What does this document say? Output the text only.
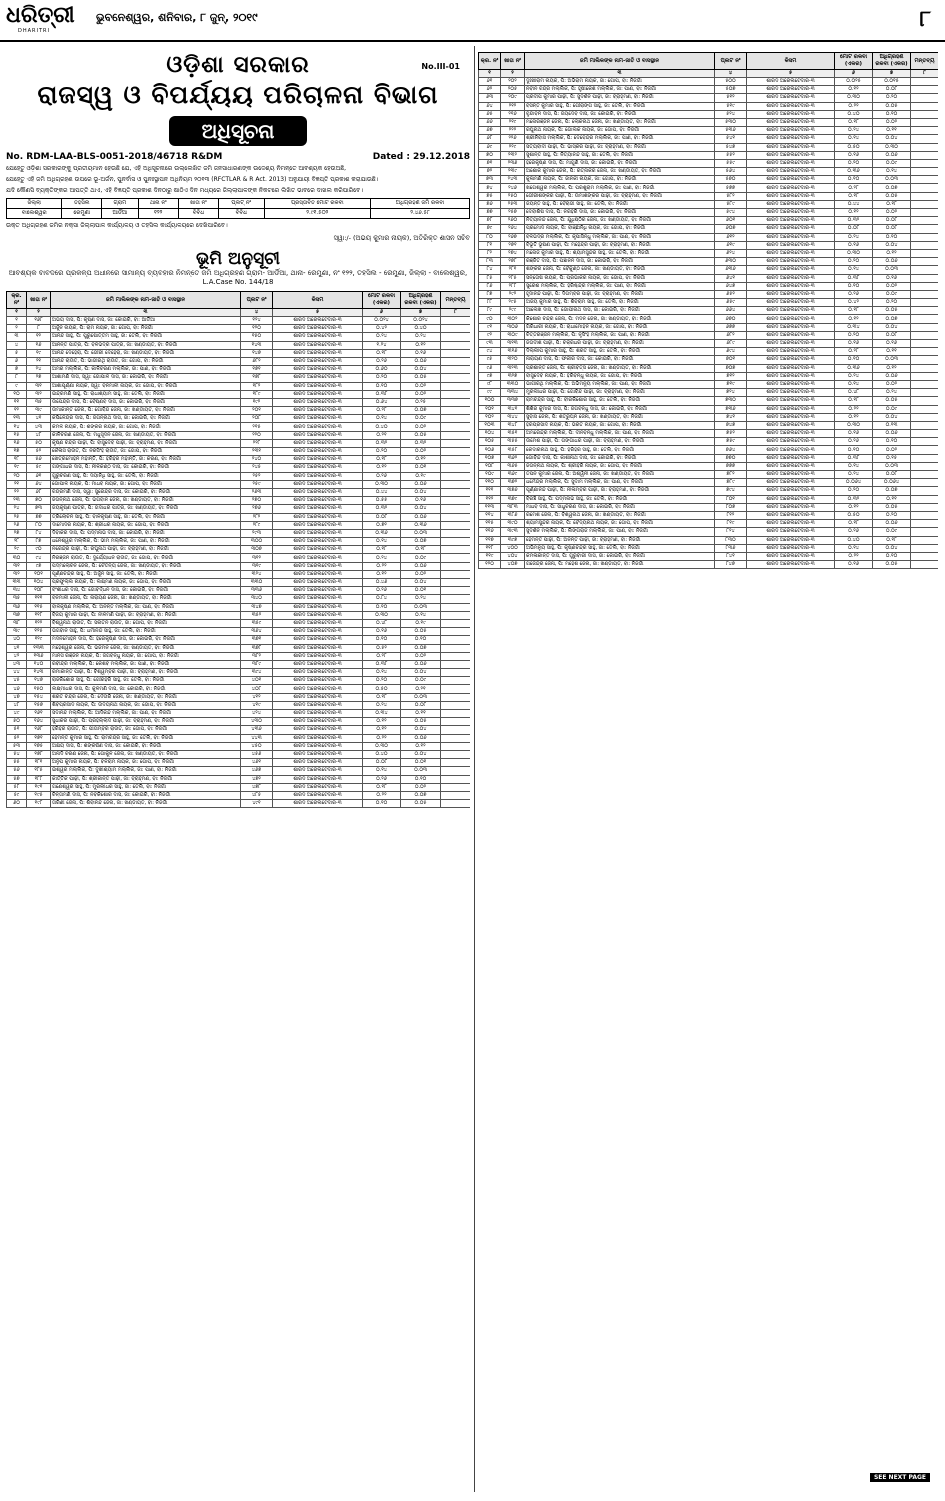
ଧରିତ୍ରୀ
DHARITRI
ଭୁବନେଶ୍ୱର, ଶନିବାର, ୮ ଜୁନ୍, ୨୦୧୯	୮
No.III-01
ଓଡ଼ିଶା ସରକାର
ରାଜସ୍ୱ ଓ ବିପର୍ଯ୍ୟୟ ପରିଚାଳନା ବିଭାଗ
ଅଧିସୂଚନା
No. RDM-LAA-BLS-0051-2018/46718 R&DM	Dated : 29.12.2018
ଯେହେତୁ ଓଡ଼ିଶା ସରକାରଙ୍କୁ ପ୍ରତୀୟମାନ ହେଉଛି ଯେ, ଏହି ଅଧିସୂଚନାରେ ଉଲ୍ଲେଖିତ ଜମି ଜନସାଧାରଣଙ୍କ ଉଦ୍ଦେଶ୍ୟ ନିମନ୍ତେ ଆବଶ୍ୟକ ହେଉଅଛି,
ଯେହେତୁ ଏହି ଜମି ଅଧିଗ୍ରହଣ ଉପରେ ଭୂ-ଅର୍ଜନ, ପୁନର୍ବାସ ଓ ପୁନଃସ୍ଥାପନ ଅଧିନିୟମ ୨୦୧୩ (RFCTLAR & R Act. 2013) ଅନୁଯାୟୀ ବିଜ୍ଞପ୍ତି ପ୍ରକାଶ କରାଯାଉଛି।
ଯଦି କୌଣସି ବ୍ୟକ୍ତିଙ୍କର ଆପତ୍ତି ଥାଏ, ଏହି ବିଜ୍ଞପ୍ତି ପ୍ରକାଶ ଦିନଠାରୁ ଷାଠିଏ ଦିନ ମଧ୍ୟରେ ଜିଲ୍ଲାପାଳଙ୍କ ନିକଟରେ ଲିଖିତ ଭାବରେ ଦାଖଲ କରିପାରିବେ।
ଜିଲ୍ଲା	ତହସିଲ	ଗ୍ରାମ	ଥାନା ନଂ	ଖାତା ନଂ	ପ୍ଲଟ୍ ନଂ	ପ୍ରସ୍ତାବିତ ମୋଟ ରକବା	ଅଧିଗ୍ରହଣ ଜମି ରକବା
ବାଲେଶ୍ୱର	ରେମୁଣା	ଆର୍ଡିଆ	୧୨୨	ବିବିଧ	ବିବିଧ	୨.୯୧.୫୦୨	୨.୪୬.୫୮
ଉକ୍ତ ଅଧିଗ୍ରହଣ ଜମିର ନକ୍ସା ଜିଲ୍ଲାପାଳ କାର୍ଯ୍ୟାଳୟ ଓ ତହସିଲ କାର୍ଯ୍ୟାଳୟରେ ଦେଖିପାରିବେ।
ସ୍ୱା:/- (ଅଭୟ କୁମାର ନାୟକ), ଅତିରିକ୍ତ ଶାସନ ସଚିବ
ଭୂମି ଅନୁସୂଚୀ
ଆବଶ୍ୟକ ବାବଦରେ ପ୍ରକଳ୍ପ ଅଧୀନରେ ସାମାନ୍ୟ ବ୍ୟବହାର ନିମନ୍ତେ ଜମି ଅଧିଗ୍ରହଣ ଗ୍ରାମ- ଆର୍ଡିଆ, ଥାନା- ରେମୁଣା, ନଂ ୧୨୨, ତହସିଲ - ରେମୁଣା, ଜିଲ୍ଲା - ବାଲେଶ୍ୱର, L.A.Case No. 144/18
କ୍ର. ନଂ	ଖାତା ନଂ	ଜମି ମାଲିକଙ୍କ ନାମ-ଜାତି ଓ ବାସସ୍ଥାନ	ପ୍ଲଟ ନଂ	କିସମ	ମୋଟ ରକବା (ଏକର)	ଅଧିଗ୍ରହଣ ରକବା (ଏକର)	ମନ୍ତବ୍ୟ
୧	୨	୩	୪	୫	୬	୭	୮
୧	୧୬୮	ଅଭୟ ଦାସ, ପି: କୃଷ୍ଣ ଦାସ, ଜା: କୋଇରି, ବା: ଆର୍ଡିଆ	୧୨୪	ଶାରଦ ଅରେଲଟେଦାର-୩	୦.୦୨୪	୦.୦୨୪	
୨	୮	ଅର୍ଜୁନ ନାୟକ, ପି: ରାମ ନାୟକ, ଜା: ଗୋପ, ବା: ନିଜଗାଁ	୧୨୦	ଶାରଦ ଅରେଲଟେଦାର-୩	୦.୪୨	୦.୪୦	
୩	୧୨	ଆନନ୍ଦ ସାହୁ, ପି: ପୁରୁଷୋତ୍ତମ ସାହୁ, ଜା: ତେଲି, ବା: ନିଜଗାଁ	୧୫୦	ଶାରଦ ଅରେଲଟେଦାର-୩	୦.୨୪	୦.୨୪	
୪	୧୬	ଆନନ୍ତ ପାତ୍ର, ପି: ବଳଭଦ୍ର ପାତ୍ର, ଜା: ଖଣ୍ଡାୟତ, ବା: ନିଜଗାଁ	୧୪୩	ଶାରଦ ଅରେଲଟେଦାର-୩	୧.୨୪	୦.୧୨	
୫	୧୯	ଆନନ୍ଦ ଦେହେରା, ପି: ଗୌରୀ ଦେହେରା, ଜା: ଖଣ୍ଡାୟତ, ବା: ନିଜଗାଁ	୧୪୭	ଶାରଦ ଅରେଲଟେଦାର-୩	୦.୧୮	୦.୧୬	
୬	୨୧	ଆନନ୍ଦ ରାଉତ, ପି: ଭାଗୀରଥି ରାଉତ, ଜା: ଗୋପ, ବା: ନିଜଗାଁ	୬୮୨	ଶାରଦ ଅରେଲଟେଦାର-୩	୦.୨୬	୦.୦୬	
୭	୨୪	ଅମର ମଲ୍ଲିକ, ପି: କାଳିଚରଣ ମଲ୍ଲିକ, ଜା: ପାଣ, ବା: ନିଜଗାଁ	୧୭୧	ଶାରଦ ଅରେଲଟେଦାର-୩	୦.୬୦	୦.୦୪	
୮	୨୭	ଆଶାମଣି ଦାସ, ସ୍ୱା: ଗୋପାଳ ଦାସ, ଜା: କୋଇରି, ବା: ନିଜଗାଁ	୧୭୮	ଶାରଦ ଅରେଲଟେଦାର-୩	୦.୨୦	୦.୦୫	
୯	୩୧	ଆଶାପୂର୍ଣ୍ଣା ନାୟକ, ସ୍ୱା: ବନମାଳୀ ନାୟକ, ଜା: ଗୋପ, ବା: ନିଜଗାଁ	୧୮୨	ଶାରଦ ଅରେଲଟେଦାର-୩	୦.୧୦	୦.୦୨	
୧୦	୩୨	ଇନ୍ଦ୍ରମଣି ସାହୁ, ପି: ରାଧାଶ୍ୟାମ ସାହୁ, ଜା: ତେଲି, ବା: ନିଜଗାଁ	୧୮୯	ଶାରଦ ଅରେଲଟେଦାର-୩	୦.୩୮	୦.୦୨	
୧୧	୩୫	ଉପେନ୍ଦ୍ର ଦାସ, ପି: ବୈଷ୍ଣବ ଦାସ, ଜା: କୋଇରି, ବା: ନିଜଗାଁ	୧୯୨	ଶାରଦ ଅରେଲଟେଦାର-୩	୦.୬୪	୦.୨୫	
୧୨	୩୯	ଉମାକାନ୍ତ ଜେନା, ପି: ଗୋବିନ୍ଦ ଜେନା, ଜା: ଖଣ୍ଡାୟତ, ବା: ନିଜଗାଁ	୨୦୧	ଶାରଦ ଅରେଲଟେଦାର-୩	୦.୨୮	୦.୦୭	
୧୩	୪୧	କପିଳେନ୍ଦ୍ର ଦାସ, ପି: ଜଗନ୍ନାଥ ଦାସ, ଜା: କୋଇରି, ବା: ନିଜଗାଁ	୨୦୮	ଶାରଦ ଅରେଲଟେଦାର-୩	୦.୧୪	୦.୦୯	
୧୪	୪୩	କମଳ ନାୟକ, ପି: ଶଙ୍କର ନାୟକ, ଜା: ଗୋପ, ବା: ନିଜଗାଁ	୨୧୫	ଶାରଦ ଅରେଲଟେଦାର-୩	୦.୪୦	୦.୦୨	
୧୫	୪୮	କାଳିଚରଣ ଜେନା, ପି: ମଧୁସୂଦନ ଜେନା, ଜା: ଖଣ୍ଡାୟତ, ବା: ନିଜଗାଁ	୨୨୦	ଶାରଦ ଅରେଲଟେଦାର-୩	୦.୨୧	୦.୦୫	
୧୬	୫୦	କୃଷ୍ଣ ଚନ୍ଦ୍ର ପାଢ଼ୀ, ପି: ବାସୁଦେବ ପାଢ଼ୀ, ଜା: ବ୍ରାହ୍ମଣ, ବା: ନିଜଗାଁ	୨୨୮	ଶାରଦ ଅରେଲଟେଦାର-୩	୦.୩୨	୦.୩୨	
୧୭	୫୨	କୈଳାସ ରାଉତ, ପି: ନରସିଂହ ରାଉତ, ଜା: ଗୋପ, ବା: ନିଜଗାଁ	୨୩୧	ଶାରଦ ଅରେଲଟେଦାର-୩	୦.୨୦	୦.୦୨	
୧୮	୫୬	ଖେତ୍ରମୋହନ ମହାନ୍ତି, ପି: ହରିହର ମହାନ୍ତି, ଜା: କରଣ, ବା: ନିଜଗାଁ	୨୪୦	ଶାରଦ ଅରେଲଟେଦାର-୩	୦.୧୮	୦.୧୨	
୧୯	୫୯	ଗଙ୍ଗାଧର ଦାସ, ପି: ନୀଳକଣ୍ଠ ଦାସ, ଜା: କୋଇରି, ବା: ନିଜଗାଁ	୨୪୫	ଶାରଦ ଅରେଲଟେଦାର-୩	୦.୧୨	୦.୦୧	
୨୦	୬୧	ଗୁରୁଚରଣ ସାହୁ, ପି: ଦୟାନିଧି ସାହୁ, ଜା: ତେଲି, ବା: ନିଜଗାଁ	୨୫୨	ଶାରଦ ଅରେଲଟେଦାର-୩	୦.୨୬	୦.୧୯	
୨୧	୬୪	ଗୋପାଳ ନାୟକ, ପି: ମାଧବ ନାୟକ, ଜା: ଗୋପ, ବା: ନିଜଗାଁ	୨୫୯	ଶାରଦ ଅରେଲଟେଦାର-୩	୦.୩୦	୦.୦୬	
୨୨	୬୮	ଚନ୍ଦ୍ରମଣି ଦାସ, ସ୍ୱା: ସୁରେନ୍ଦ୍ର ଦାସ, ଜା: କୋଇରି, ବା: ନିଜଗାଁ	୨୬୩	ଶାରଦ ଅରେଲଟେଦାର-୩	୦.୪୪	୦.୦୪	
୨୩	୭୦	ଜଗନ୍ନାଥ ଜେନା, ପି: ଭଗବାନ ଜେନା, ଜା: ଖଣ୍ଡାୟତ, ବା: ନିଜଗାଁ	୨୭୦	ଶାରଦ ଅରେଲଟେଦାର-୩	୦.୫୫	୦.୧୬	
୨୪	୭୩	ଜୟକୃଷ୍ଣ ପାତ୍ର, ପି: ଗଦାଧର ପାତ୍ର, ଜା: ଖଣ୍ଡାୟତ, ବା: ନିଜଗାଁ	୨୭୬	ଶାରଦ ଅରେଲଟେଦାର-୩	୦.୩୨	୦.୦୪	
୨୫	୭୭	ତ୍ରିଲୋଚନ ସାହୁ, ପି: ବାଳକୃଷ୍ଣ ସାହୁ, ଜା: ତେଲି, ବା: ନିଜଗାଁ	୨୮୨	ଶାରଦ ଅରେଲଟେଦାର-୩	୦.୦୮	୦.୦୬	
୨୬	୮୦	ଦାମୋଦର ନାୟକ, ପି: ଶ୍ରୀଧର ନାୟକ, ଜା: ଗୋପ, ବା: ନିଜଗାଁ	୨୮୯	ଶାରଦ ଅରେଲଟେଦାର-୩	୦.୭୨	୦.୩୬	
୨୭	୮୪	ଦିବାକର ଦାସ, ପି: ପଦ୍ମନାଭ ଦାସ, ଜା: କୋଇରି, ବା: ନିଜଗାଁ	୨୯୩	ଶାରଦ ଅରେଲଟେଦାର-୩	୦.୩୬	୦.୦୩	
୨୮	୮୭	ଧନେଶ୍ୱର ମଲ୍ଲିକ, ପି: ଭୀମ ମଲ୍ଲିକ, ଜା: ପାଣ, ବା: ନିଜଗାଁ	୩୦୦	ଶାରଦ ଅରେଲଟେଦାର-୩	୦.୧୪	୦.୦୭	
୨୯	୯୦	ନରେନ୍ଦ୍ର ପାଢ଼ୀ, ପି: ରଘୁନାଥ ପାଢ଼ୀ, ଜା: ବ୍ରାହ୍ମଣ, ବା: ନିଜଗାଁ	୩୦୭	ଶାରଦ ଅରେଲଟେଦାର-୩	୦.୧୮	୦.୧୮	
୩୦	୯୪	ନିରଞ୍ଜନ ରାଉତ, ପି: ଦୁର୍ଯ୍ୟୋଧନ ରାଉତ, ଜା: ଗୋପ, ବା: ନିଜଗାଁ	୩୧୨	ଶାରଦ ଅରେଲଟେଦାର-୩	୦.୨୪	୦.୦୯	
୩୧	୯୭	ପଦ୍ମଲୋଚନ ଜେନା, ପି: ଚୈତନ୍ୟ ଜେନା, ଜା: ଖଣ୍ଡାୟତ, ବା: ନିଜଗାଁ	୩୧୯	ଶାରଦ ଅରେଲଟେଦାର-୩	୦.୨୨	୦.୦୬	
୩୨	୧୦୧	ପୂର୍ଣ୍ଣଚନ୍ଦ୍ର ସାହୁ, ପି: ଅର୍ଜୁନ ସାହୁ, ଜା: ତେଲି, ବା: ନିଜଗାଁ	୩୨୪	ଶାରଦ ଅରେଲଟେଦାର-୩	୦.୧୨	୦.୦୨	
୩୩	୧୦୪	ପ୍ରଫୁଲ୍ଲ ନାୟକ, ପି: ଲକ୍ଷ୍ମଣ ନାୟକ, ଜା: ଗୋପ, ବା: ନିଜଗାଁ	୩୩୦	ଶାରଦ ଅରେଲଟେଦାର-୩	୦.୪୬	୦.୦୪	
୩୪	୧୦୮	ବଂଶୀଧର ଦାସ, ପି: ଗୋବର୍ଦ୍ଧନ ଦାସ, ଜା: କୋଇରି, ବା: ନିଜଗାଁ	୩୩୬	ଶାରଦ ଅରେଲଟେଦାର-୩	୦.୨୬	୦.୦୧	
୩୫	୧୧୧	ବନମାଳୀ ଜେନା, ପି: ନାରାୟଣ ଜେନା, ଜା: ଖଣ୍ଡାୟତ, ବା: ନିଜଗାଁ	୩୪୦	ଶାରଦ ଅରେଲଟେଦାର-୩	୦.୮୪	୦.୨୪	
୩୬	୧୧୫	ବାଳକୃଷ୍ଣ ମଲ୍ଲିକ, ପି: ଅନନ୍ତ ମଲ୍ଲିକ, ଜା: ପାଣ, ବା: ନିଜଗାଁ	୩୪୭	ଶାରଦ ଅରେଲଟେଦାର-୩	୦.୧୦	୦.୦୩	
୩୭	୧୧୮	ବିଜୟ କୁମାର ପାଢ଼ୀ, ପି: ନୀଳମଣି ପାଢ଼ୀ, ଜା: ବ୍ରାହ୍ମଣ, ବା: ନିଜଗାଁ	୩୫୨	ଶାରଦ ଅରେଲଟେଦାର-୩	୦.୩୦	୦.୧୪	
୩୮	୧୨୨	ବିଶ୍ୱନାଥ ରାଉତ, ପି: ସନାତନ ରାଉତ, ଜା: ଗୋପ, ବା: ନିଜଗାଁ	୩୫୯	ଶାରଦ ଅରେଲଟେଦାର-୩	୦.୪୮	୦.୧୯	
୩୯	୧୨୫	ଭଗବାନ ସାହୁ, ପି: ଧର୍ମାନନ୍ଦ ସାହୁ, ଜା: ତେଲି, ବା: ନିଜଗାଁ	୩୬୪	ଶାରଦ ଅରେଲଟେଦାର-୩	୦.୧୬	୦.୦୫	
୪୦	୧୨୯	ମଦନମୋହନ ଦାସ, ପି: ହରେକୃଷ୍ଣ ଦାସ, ଜା: କୋଇରି, ବା: ନିଜଗାଁ	୩୭୧	ଶାରଦ ଅରେଲଟେଦାର-୩	୦.୧୦	୦.୧୦	
୪୧	୧୩୩	ମହେଶ୍ୱର ଜେନା, ପି: ଭଜମନ ଜେନା, ଜା: ଖଣ୍ଡାୟତ, ବା: ନିଜଗାଁ	୩୭୮	ଶାରଦ ଅରେଲଟେଦାର-୩	୦.୫୨	୦.୦୭	
୪୨	୧୩୬	ମାନସ ରଞ୍ଜନ ନାୟକ, ପି: ଜଗବନ୍ଧୁ ନାୟକ, ଜା: ଗୋପ, ବା: ନିଜଗାଁ	୩୮୨	ଶାରଦ ଅରେଲଟେଦାର-୩	୦.୨୮	୦.୦୨	
୪୩	୧୪୦	ରବୀନ୍ଦ୍ର ମଲ୍ଲିକ, ପି: କେଶବ ମଲ୍ଲିକ, ଜା: ପାଣ, ବା: ନିଜଗାଁ	୩୮୯	ଶାରଦ ଅରେଲଟେଦାର-୩	୦.୩୮	୦.୦୬	
୪୪	୧୪୩	ରମାକାନ୍ତ ପାଢ଼ୀ, ପି: ବିଶ୍ୱମ୍ବର ପାଢ଼ୀ, ଜା: ବ୍ରାହ୍ମଣ, ବା: ନିଜଗାଁ	୩୯୪	ଶାରଦ ଅରେଲଟେଦାର-୩	୦.୧୪	୦.୦୪	
୪୫	୧୪୭	ରାଜକିଶୋର ସାହୁ, ପି: ଗୌରହରି ସାହୁ, ଜା: ତେଲି, ବା: ନିଜଗାଁ	୪୦୧	ଶାରଦ ଅରେଲଟେଦାର-୩	୦.୨୦	୦.୦୯	
୪୬	୧୫୦	ଲକ୍ଷ୍ମୀଧର ଦାସ, ପି: କୁଳମଣି ଦାସ, ଜା: କୋଇରି, ବା: ନିଜଗାଁ	୪୦୮	ଶାରଦ ଅରେଲଟେଦାର-୩	୦.୫୦	୦.୨୧	
୪୭	୧୫୪	ଶରତ ଚନ୍ଦ୍ର ଜେନା, ପି: ଦୈତାରି ଜେନା, ଜା: ଖଣ୍ଡାୟତ, ବା: ନିଜଗାଁ	୪୧୨	ଶାରଦ ଅରେଲଟେଦାର-୩	୦.୧୮	୦.୦୩	
୪୮	୧୫୭	ଶିବପ୍ରସାଦ ନାୟକ, ପି: ଉଦୟନାଥ ନାୟକ, ଜା: ଗୋପ, ବା: ନିଜଗାଁ	୪୧୯	ଶାରଦ ଅରେଲଟେଦାର-୩	୦.୨୪	୦.୦୮	
୪୯	୧୬୧	ସଦାନନ୍ଦ ମଲ୍ଲିକ, ପି: ଆଦିକନ୍ଦ ମଲ୍ଲିକ, ଜା: ପାଣ, ବା: ନିଜଗାଁ	୪୨୪	ଶାରଦ ଅରେଲଟେଦାର-୩	୦.୩୪	୦.୧୧	
୫୦	୧୬୪	ସୁଧାକର ପାଢ଼ୀ, ପି: ପ୍ରହଲ୍ଲାଦ ପାଢ଼ୀ, ଜା: ବ୍ରାହ୍ମଣ, ବା: ନିଜଗାଁ	୪୩୦	ଶାରଦ ଅରେଲଟେଦାର-୩	୦.୧୨	୦.୦୫	
୫୧	୧୬୮	ହରିହର ରାଉତ, ପି: ପୀତାମ୍ବର ରାଉତ, ଜା: ଗୋପ, ବା: ନିଜଗାଁ	୪୩୬	ଶାରଦ ଅରେଲଟେଦାର-୩	୦.୧୨	୦.୦୪	
୫୨	୧୭୧	ହେମନ୍ତ କୁମାର ସାହୁ, ପି: ରାମଚନ୍ଦ୍ର ସାହୁ, ଜା: ତେଲି, ବା: ନିଜଗାଁ	୪୪୩	ଶାରଦ ଅରେଲଟେଦାର-୩	୦.୨୨	୦.୦୬	
୫୩	୧୭୫	ଅକ୍ଷୟ ଦାସ, ପି: ଶଙ୍କର୍ଷଣ ଦାସ, ଜା: କୋଇରି, ବା: ନିଜଗାଁ	୪୫୦	ଶାରଦ ଅରେଲଟେଦାର-୩	୦.୩୦	୦.୧୨	
୫୪	୧୭୮	ଅନାଦି ଚରଣ ଜେନା, ପି: ଗୋକୁଳ ଜେନା, ଜା: ଖଣ୍ଡାୟତ, ବା: ନିଜଗାଁ	୪୫୬	ଶାରଦ ଅରେଲଟେଦାର-୩	୦.୪୦	୦.୦୪	
୫୫	୧୮୧	ଅନୁପ କୁମାର ନାୟକ, ପି: ବଳରାମ ନାୟକ, ଜା: ଗୋପ, ବା: ନିଜଗାଁ	୪୬୧	ଶାରଦ ଅରେଲଟେଦାର-୩	୦.୦୮	୦.୦୧	
୫୬	୧୮୫	ଇଶ୍ୱର ମଲ୍ଲିକ, ପି: ଦୁଖୀଶ୍ୟାମ ମଲ୍ଲିକ, ଜା: ପାଣ, ବା: ନିଜଗାଁ	୪୬୭	ଶାରଦ ଅରେଲଟେଦାର-୩	୦.୧୪	୦.୦୩	
୫୭	୧୮୮	କାର୍ତ୍ତିକ ପାଢ଼ୀ, ପି: ଶ୍ରୀକାନ୍ତ ପାଢ଼ୀ, ଜା: ବ୍ରାହ୍ମଣ, ବା: ନିଜଗାଁ	୪୭୨	ଶାରଦ ଅରେଲଟେଦାର-୩	୦.୨୬	୦.୧୦	
୫୮	୧୯୧	ଗଣେଶ୍ୱର ସାହୁ, ପି: ମୁରଲୀଧର ସାହୁ, ଜା: ତେଲି, ବା: ନିଜଗାଁ	୪୭୮	ଶାରଦ ଅରେଲଟେଦାର-୩	୦.୧୮	୦.୦୨	
୫୯	୧୯୫	ଚିନ୍ତାମଣି ଦାସ, ପି: ନବକିଶୋର ଦାସ, ଜା: କୋଇରି, ବା: ନିଜଗାଁ	୪୮୫	ଶାରଦ ଅରେଲଟେଦାର-୩	୦.୨୨	୦.୦୭	
୬୦	୧୯୮	ତାରିଣୀ ଜେନା, ପି: ଶିବାନନ୍ଦ ଜେନା, ଜା: ଖଣ୍ଡାୟତ, ବା: ନିଜଗାଁ	୪୯୧	ଶାରଦ ଅରେଲଟେଦାର-୩	୦.୧୦	୦.୦୫	
କ୍ର. ନଂ	ଖାତା ନଂ	ଜମି ମାଲିକଙ୍କ ନାମ-ଜାତି ଓ ବାସସ୍ଥାନ	ପ୍ଲଟ ନଂ	କିସମ	ମୋଟ ରକବା (ଏକର)	ଅଧିଗ୍ରହଣ ରକବା (ଏକର)	ମନ୍ତବ୍ୟ
୧	୨	୩	୪	୫	୬	୭	୮
୬୧	୨୦୨	ଦୁଃଖୀରାମ ନାୟକ, ପି: ଅଭିରାମ ନାୟକ, ଜା: ଗୋପ, ବା: ନିଜଗାଁ	୫୦୦	ଶାରଦ ଅରେଲଟେଦାର-୩	୦.୦୨୫	୦.୦୧୫	
୬୨	୨୦୫	ନବୀନ ଚନ୍ଦ୍ର ମଲ୍ଲିକ, ପି: ହୃଷୀକେଶ ମଲ୍ଲିକ, ଜା: ପାଣ, ବା: ନିଜଗାଁ	୫୦୭	ଶାରଦ ଅରେଲଟେଦାର-୩	୦.୧୨	୦.୦୮	
୬୩	୨୦୯	ପ୍ରଦୀପ କୁମାର ପାଢ଼ୀ, ପି: ସୁଦର୍ଶନ ପାଢ଼ୀ, ଜା: ବ୍ରାହ୍ମଣ, ବା: ନିଜଗାଁ	୫୧୨	ଶାରଦ ଅରେଲଟେଦାର-୩	୦.୩୦	୦.୨୦	
୬୪	୨୧୨	ବସନ୍ତ କୁମାର ସାହୁ, ପି: ଗୌରାଙ୍ଗ ସାହୁ, ଜା: ତେଲି, ବା: ନିଜଗାଁ	୫୧୯	ଶାରଦ ଅରେଲଟେଦାର-୩	୦.୨୨	୦.୦୫	
୬୫	୨୧୬	ବୃନ୍ଦାବନ ଦାସ, ପି: ଜୟଦେବ ଦାସ, ଜା: କୋଇରି, ବା: ନିଜଗାଁ	୫୨୪	ଶାରଦ ଅରେଲଟେଦାର-୩	୦.୪୦	୦.୧୦	
୬୬	୨୧୯	ମନୋରଞ୍ଜନ ଜେନା, ପି: ଲୋକନାଥ ଜେନା, ଜା: ଖଣ୍ଡାୟତ, ବା: ନିଜଗାଁ	୫୩୦	ଶାରଦ ଅରେଲଟେଦାର-୩	୦.୧୮	୦.୦୨	
୬୭	୨୨୨	ରଘୁନାଥ ନାୟକ, ପି: ଗୋଲକ ନାୟକ, ଜା: ଗୋପ, ବା: ନିଜଗାଁ	୫୩୬	ଶାରଦ ଅରେଲଟେଦାର-୩	୦.୨୪	୦.୧୧	
୬୮	୨୨୬	ଶ୍ରୀନିବାସ ମଲ୍ଲିକ, ପି: ଦେବେନ୍ଦ୍ର ମଲ୍ଲିକ, ଜା: ପାଣ, ବା: ନିଜଗାଁ	୫୪୧	ଶାରଦ ଅରେଲଟେଦାର-୩	୦.୧୪	୦.୦୪	
୬୯	୨୨୯	ସତ୍ୟବାଦୀ ପାଢ଼ୀ, ପି: ଭାସ୍କର ପାଢ଼ୀ, ଜା: ବ୍ରାହ୍ମଣ, ବା: ନିଜଗାଁ	୫୪୭	ଶାରଦ ଅରେଲଟେଦାର-୩	୦.୫୦	୦.୩୦	
୭୦	୨୩୨	ସୁଶାନ୍ତ ସାହୁ, ପି: ନିତ୍ୟାନନ୍ଦ ସାହୁ, ଜା: ତେଲି, ବା: ନିଜଗାଁ	୫୫୨	ଶାରଦ ଅରେଲଟେଦାର-୩	୦.୧୬	୦.୦୬	
୭୧	୨୩୬	ହରେକୃଷ୍ଣ ଦାସ, ପି: ମାଗୁଣି ଦାସ, ଜା: କୋଇରି, ବା: ନିଜଗାଁ	୫୫୯	ଶାରଦ ଅରେଲଟେଦାର-୩	୦.୨୦	୦.୦୯	
୭୨	୨୩୯	ଅଶୋକ କୁମାର ଜେନା, ପି: ରତ୍ନାକର ଜେନା, ଜା: ଖଣ୍ଡାୟତ, ବା: ନିଜଗାଁ	୫୬୪	ଶାରଦ ଅରେଲଟେଦାର-୩	୦.୩୬	୦.୧୪	
୭୩	୨୪୩	କୁଳାମଣି ନାୟକ, ପି: ଜାନକୀ ନାୟକ, ଜା: ଗୋପ, ବା: ନିଜଗାଁ	୫୭୦	ଶାରଦ ଅରେଲଟେଦାର-୩	୦.୧୦	୦.୦୩	
୭୪	୨୪୬	ଖଗେଶ୍ୱର ମଲ୍ଲିକ, ପି: ପରଶୁରାମ ମଲ୍ଲିକ, ଜା: ପାଣ, ବା: ନିଜଗାଁ	୫୭୭	ଶାରଦ ଅରେଲଟେଦାର-୩	୦.୨୮	୦.୦୭	
୭୫	୨୫୦	ଗୌରୀଶଙ୍କର ପାଢ଼ୀ, ପି: ଉମାଶଙ୍କର ପାଢ଼ୀ, ଜା: ବ୍ରାହ୍ମଣ, ବା: ନିଜଗାଁ	୫୮୨	ଶାରଦ ଅରେଲଟେଦାର-୩	୦.୧୮	୦.୦୫	
୭୬	୨୫୩	ଜୟନ୍ତ ସାହୁ, ପି: ବୈରାଗୀ ସାହୁ, ଜା: ତେଲି, ବା: ନିଜଗାଁ	୫୮୯	ଶାରଦ ଅରେଲଟେଦାର-୩	୦.୪୪	୦.୧୮	
୭୭	୨୫୭	ଦେବାଶିଷ ଦାସ, ପି: ନରହରି ଦାସ, ଜା: କୋଇରି, ବା: ନିଜଗାଁ	୫୯୪	ଶାରଦ ଅରେଲଟେଦାର-୩	୦.୧୨	୦.୦୨	
୭୮	୨୬୦	ନିତ୍ୟାନନ୍ଦ ଜେନା, ପି: ଯୁଧିଷ୍ଠିର ଜେନା, ଜା: ଖଣ୍ଡାୟତ, ବା: ନିଜଗାଁ	୬୦୧	ଶାରଦ ଅରେଲଟେଦାର-୩	୦.୩୨	୦.୦୮	
୭୯	୨୬୪	ପ୍ରମୋଦ ନାୟକ, ପି: ବାଞ୍ଛାନିଧି ନାୟକ, ଜା: ଗୋପ, ବା: ନିଜଗାଁ	୬୦୭	ଶାରଦ ଅରେଲଟେଦାର-୩	୦.୦୮	୦.୦୮	
୮୦	୨୬୭	ବଳଭଦ୍ର ମଲ୍ଲିକ, ପି: କୃପାସିନ୍ଧୁ ମଲ୍ଲିକ, ଜା: ପାଣ, ବା: ନିଜଗାଁ	୬୧୨	ଶାରଦ ଅରେଲଟେଦାର-୩	୦.୨୪	୦.୧୦	
୮୧	୨୭୧	ବିଭୂତି ଭୂଷଣ ପାଢ଼ୀ, ପି: ମହେନ୍ଦ୍ର ପାଢ଼ୀ, ଜା: ବ୍ରାହ୍ମଣ, ବା: ନିଜଗାଁ	୬୧୯	ଶାରଦ ଅରେଲଟେଦାର-୩	୦.୧୬	୦.୦୪	
୮୨	୨୭୪	ମନୋଜ କୁମାର ସାହୁ, ପି: ଶ୍ୟାମସୁନ୍ଦର ସାହୁ, ଜା: ତେଲି, ବା: ନିଜଗାଁ	୬୨୪	ଶାରଦ ଅରେଲଟେଦାର-୩	୦.୩୦	୦.୧୨	
୮୩	୨୭୮	ରଞ୍ଜିତ ଦାସ, ପି: ପଞ୍ଚାନନ ଦାସ, ଜା: କୋଇରି, ବା: ନିଜଗାଁ	୬୩୦	ଶାରଦ ଅରେଲଟେଦାର-୩	୦.୨୦	୦.୦୬	
୮୪	୨୮୧	ଶଙ୍କର ଜେନା, ପି: ବୈକୁଣ୍ଠ ଜେନା, ଜା: ଖଣ୍ଡାୟତ, ବା: ନିଜଗାଁ	୬୩୬	ଶାରଦ ଅରେଲଟେଦାର-୩	୦.୧୪	୦.୦୩	
୮୫	୨୮୫	ସନ୍ତୋଷ ନାୟକ, ପି: ପ୍ରଭାକର ନାୟକ, ଜା: ଗୋପ, ବା: ନିଜଗାଁ	୬୪୧	ଶାରଦ ଅରେଲଟେଦାର-୩	୦.୩୮	୦.୧୬	
୮୬	୨୮୮	ସୁରେଶ ମଲ୍ଲିକ, ପି: ହରିଶ୍ଚନ୍ଦ୍ର ମଲ୍ଲିକ, ଜା: ପାଣ, ବା: ନିଜଗାଁ	୬୪୭	ଶାରଦ ଅରେଲଟେଦାର-୩	୦.୧୦	୦.୦୨	
୮୭	୨୯୨	ହୃଦାନନ୍ଦ ପାଢ଼ୀ, ପି: ଦିଗମ୍ବର ପାଢ଼ୀ, ଜା: ବ୍ରାହ୍ମଣ, ବା: ନିଜଗାଁ	୬୫୨	ଶାରଦ ଅରେଲଟେଦାର-୩	୦.୨୬	୦.୦୯	
୮୮	୨୯୫	ଅଜୟ କୁମାର ସାହୁ, ପି: ଶିବରାମ ସାହୁ, ଜା: ତେଲି, ବା: ନିଜଗାଁ	୬୫୯	ଶାରଦ ଅରେଲଟେଦାର-୩	୦.୪୨	୦.୨୦	
୮୯	୨୯୯	ଆଲେଖ ଦାସ, ପି: ଗୋପୀନାଥ ଦାସ, ଜା: କୋଇରି, ବା: ନିଜଗାଁ	୬୬୪	ଶାରଦ ଅରେଲଟେଦାର-୩	୦.୧୮	୦.୦୫	
୯୦	୩୦୨	କିଶୋର ଚନ୍ଦ୍ର ଜେନା, ପି: ମଦନ ଜେନା, ଜା: ଖଣ୍ଡାୟତ, ବା: ନିଜଗାଁ	୬୭୦	ଶାରଦ ଅରେଲଟେଦାର-୩	୦.୧୨	୦.୦୭	
୯୧	୩୦୬	ଗିରିଧାରୀ ନାୟକ, ପି: ରାଧାମୋହନ ନାୟକ, ଜା: ଗୋପ, ବା: ନିଜଗାଁ	୬୭୭	ଶାରଦ ଅରେଲଟେଦାର-୩	୦.୩୪	୦.୦୪	
୯୨	୩୦୯	ଚିତ୍ତରଞ୍ଜନ ମଲ୍ଲିକ, ପି: ନୃସିଂହ ମଲ୍ଲିକ, ଜା: ପାଣ, ବା: ନିଜଗାଁ	୬୮୨	ଶାରଦ ଅରେଲଟେଦାର-୩	୦.୨୦	୦.୦୮	
୯୩	୩୧୩	ଜଗଦୀଶ ପାଢ଼ୀ, ପି: ଚକ୍ରଧର ପାଢ଼ୀ, ଜା: ବ୍ରାହ୍ମଣ, ବା: ନିଜଗାଁ	୬୮୯	ଶାରଦ ଅରେଲଟେଦାର-୩	୦.୧୬	୦.୧୬	
୯୪	୩୧୬	ଦିଲ୍ଲୀପ କୁମାର ସାହୁ, ପି: ଶରତ ସାହୁ, ଜା: ତେଲି, ବା: ନିଜଗାଁ	୬୯୪	ଶାରଦ ଅରେଲଟେଦାର-୩	୦.୨୮	୦.୧୧	
୯୫	୩୨୦	ନାରାୟଣ ଦାସ, ପି: ଫକୀର ଦାସ, ଜା: କୋଇରି, ବା: ନିଜଗାଁ	୭୦୧	ଶାରଦ ଅରେଲଟେଦାର-୩	୦.୧୦	୦.୦୩	
୯୬	୩୨୩	ପ୍ରଶାନ୍ତ ଜେନା, ପି: ଶ୍ରୀବତ୍ସ ଜେନା, ଜା: ଖଣ୍ଡାୟତ, ବା: ନିଜଗାଁ	୭୦୭	ଶାରଦ ଅରେଲଟେଦାର-୩	୦.୩୬	୦.୧୨	
୯୭	୩୨୭	ବାସୁଦେବ ନାୟକ, ପି: ହରିବନ୍ଧୁ ନାୟକ, ଜା: ଗୋପ, ବା: ନିଜଗାଁ	୭୧୨	ଶାରଦ ଅରେଲଟେଦାର-୩	୦.୨୪	୦.୦୬	
୯୮	୩୩୦	ଭାଗୀରଥି ମଲ୍ଲିକ, ପି: ଅଭିମନ୍ୟୁ ମଲ୍ଲିକ, ଜା: ପାଣ, ବା: ନିଜଗାଁ	୭୧୯	ଶାରଦ ଅରେଲଟେଦାର-୩	୦.୧୪	୦.୦୨	
୯୯	୩୩୪	ମୁରଲୀଧର ପାଢ଼ୀ, ପି: ଗୋବିନ୍ଦ ପାଢ଼ୀ, ଜା: ବ୍ରାହ୍ମଣ, ବା: ନିଜଗାଁ	୭୨୪	ଶାରଦ ଅରେଲଟେଦାର-୩	୦.୪୮	୦.୨୪	
୧୦୦	୩୩୭	ରାମଚନ୍ଦ୍ର ସାହୁ, ପି: ବୀରକିଶୋର ସାହୁ, ଜା: ତେଲି, ବା: ନିଜଗାଁ	୭୩୦	ଶାରଦ ଅରେଲଟେଦାର-୩	୦.୧୮	୦.୦୫	
୧୦୧	୩୪୧	ଶିଶିର କୁମାର ଦାସ, ପି: ଜଗବନ୍ଧୁ ଦାସ, ଜା: କୋଇରି, ବା: ନିଜଗାଁ	୭୩୬	ଶାରଦ ଅରେଲଟେଦାର-୩	୦.୨୨	୦.୦୯	
୧୦୨	୩୪୪	ସୁବାସ ଜେନା, ପି: ଶତ୍ରୁଘ୍ନ ଜେନା, ଜା: ଖଣ୍ଡାୟତ, ବା: ନିଜଗାଁ	୭୪୧	ଶାରଦ ଅରେଲଟେଦାର-୩	୦.୧୨	୦.୦୪	
୧୦୩	୩୪୮	ହରପ୍ରସାଦ ନାୟକ, ପି: ଭରତ ନାୟକ, ଜା: ଗୋପ, ବା: ନିଜଗାଁ	୭୪୭	ଶାରଦ ଅରେଲଟେଦାର-୩	୦.୩୦	୦.୧୩	
୧୦୪	୩୫୧	ଅମରେନ୍ଦ୍ର ମଲ୍ଲିକ, ପି: ଦୀନବନ୍ଧୁ ମଲ୍ଲିକ, ଜା: ପାଣ, ବା: ନିଜଗାଁ	୭୫୨	ଶାରଦ ଅରେଲଟେଦାର-୩	୦.୧୬	୦.୦୬	
୧୦୫	୩୫୫	ଉମେଶ ପାଢ଼ୀ, ପି: ଗଙ୍ଗାଧର ପାଢ଼ୀ, ଜା: ବ୍ରାହ୍ମଣ, ବା: ନିଜଗାଁ	୭୫୯	ଶାରଦ ଅରେଲଟେଦାର-୩	୦.୨୬	୦.୧୦	
୧୦୬	୩୫୮	କେଦାରନାଥ ସାହୁ, ପି: ହରିହର ସାହୁ, ଜା: ତେଲି, ବା: ନିଜଗାଁ	୭୬୪	ଶାରଦ ଅରେଲଟେଦାର-୩	୦.୧୦	୦.୦୨	
୧୦୭	୩୬୨	ଗୋବିନ୍ଦ ଦାସ, ପି: କାଶୀନାଥ ଦାସ, ଜା: କୋଇରି, ବା: ନିଜଗାଁ	୭୭୦	ଶାରଦ ଅରେଲଟେଦାର-୩	୦.୩୮	୦.୧୫	
୧୦୮	୩୬୫	ଜଗନ୍ନାଥ ନାୟକ, ପି: ଶ୍ରୀହରି ନାୟକ, ଜା: ଗୋପ, ବା: ନିଜଗାଁ	୭୭୭	ଶାରଦ ଅରେଲଟେଦାର-୩	୦.୧୪	୦.୦୩	
୧୦୯	୩୬୯	ତପନ କୁମାର ଜେନା, ପି: ଅଶ୍ୱିନୀ ଜେନା, ଜା: ଖଣ୍ଡାୟତ, ବା: ନିଜଗାଁ	୭୮୨	ଶାରଦ ଅରେଲଟେଦାର-୩	୦.୨୪	୦.୦୮	
୧୧୦	୩୭୨	ଧର୍ମେନ୍ଦ୍ର ମଲ୍ଲିକ, ପି: ସୁଦାମ ମଲ୍ଲିକ, ଜା: ପାଣ, ବା: ନିଜଗାଁ	୭୮୯	ଶାରଦ ଅରେଲଟେଦାର-୩	୦.୦୬୪	୦.୦୬୪	
୧୧୧	୩୭୬	ପୂର୍ଣ୍ଣାନନ୍ଦ ପାଢ଼ୀ, ପି: ନୀଳାମ୍ବର ପାଢ଼ୀ, ଜା: ବ୍ରାହ୍ମଣ, ବା: ନିଜଗାଁ	୭୯୪	ଶାରଦ ଅରେଲଟେଦାର-୩	୦.୨୦	୦.୦୭	
୧୧୨	୩୭୯	ବିରଞ୍ଚି ସାହୁ, ପି: ପଦ୍ମନାଭ ସାହୁ, ଜା: ତେଲି, ବା: ନିଜଗାଁ	୮୦୧	ଶାରଦ ଅରେଲଟେଦାର-୩	୦.୩୨	୦.୧୧	
୧୧୩	୩୮୩	ମାଧବ ଦାସ, ପି: ସାଧୁଚରଣ ଦାସ, ଜା: କୋଇରି, ବା: ନିଜଗାଁ	୮୦୭	ଶାରଦ ଅରେଲଟେଦାର-୩	୦.୧୨	୦.୦୫	
୧୧୪	୩୮୬	ରମେଶ ଜେନା, ପି: ବିଶ୍ୱନାଥ ଜେନା, ଜା: ଖଣ୍ଡାୟତ, ବା: ନିଜଗାଁ	୮୧୨	ଶାରଦ ଅରେଲଟେଦାର-୩	୦.୫୦	୦.୨୦	
୧୧୫	୩୯୦	ଶ୍ୟାମସୁନ୍ଦର ନାୟକ, ପି: ବୈଦ୍ୟନାଥ ନାୟକ, ଜା: ଗୋପ, ବା: ନିଜଗାଁ	୮୧୯	ଶାରଦ ଅରେଲଟେଦାର-୩	୦.୧୮	୦.୦୬	
୧୧୬	୩୯୩	ସୁଦର୍ଶନ ମଲ୍ଲିକ, ପି: ଲିଙ୍ଗରାଜ ମଲ୍ଲିକ, ଜା: ପାଣ, ବା: ନିଜଗାଁ	୮୨୪	ଶାରଦ ଅରେଲଟେଦାର-୩	୦.୨୬	୦.୦୯	
୧୧୭	୩୯୭	ହେମନ୍ତ ପାଢ଼ୀ, ପି: ଅନନ୍ତ ପାଢ଼ୀ, ଜା: ବ୍ରାହ୍ମଣ, ବା: ନିଜଗାଁ	୮୩୦	ଶାରଦ ଅରେଲଟେଦାର-୩	୦.୪୦	୦.୧୮	
୧୧୮	୪୦୦	ଅଭିମନ୍ୟୁ ସାହୁ, ପି: କୃଷ୍ଣଚନ୍ଦ୍ର ସାହୁ, ଜା: ତେଲି, ବା: ନିଜଗାଁ	୮୩୬	ଶାରଦ ଅରେଲଟେଦାର-୩	୦.୧୪	୦.୦୪	
୧୧୯	୪୦୪	କମଳାକାନ୍ତ ଦାସ, ପି: ଗୁରୁବାରୀ ଦାସ, ଜା: କୋଇରି, ବା: ନିଜଗାଁ	୮୪୧	ଶାରଦ ଅରେଲଟେଦାର-୩	୦.୨୨	୦.୧୦	
୧୨୦	୪୦୭	ଗଜେନ୍ଦ୍ର ଜେନା, ପି: ମହେଶ ଜେନା, ଜା: ଖଣ୍ଡାୟତ, ବା: ନିଜଗାଁ	୮୪୭	ଶାରଦ ଅରେଲଟେଦାର-୩	୦.୧୬	୦.୦୫	
SEE NEXT PAGE
